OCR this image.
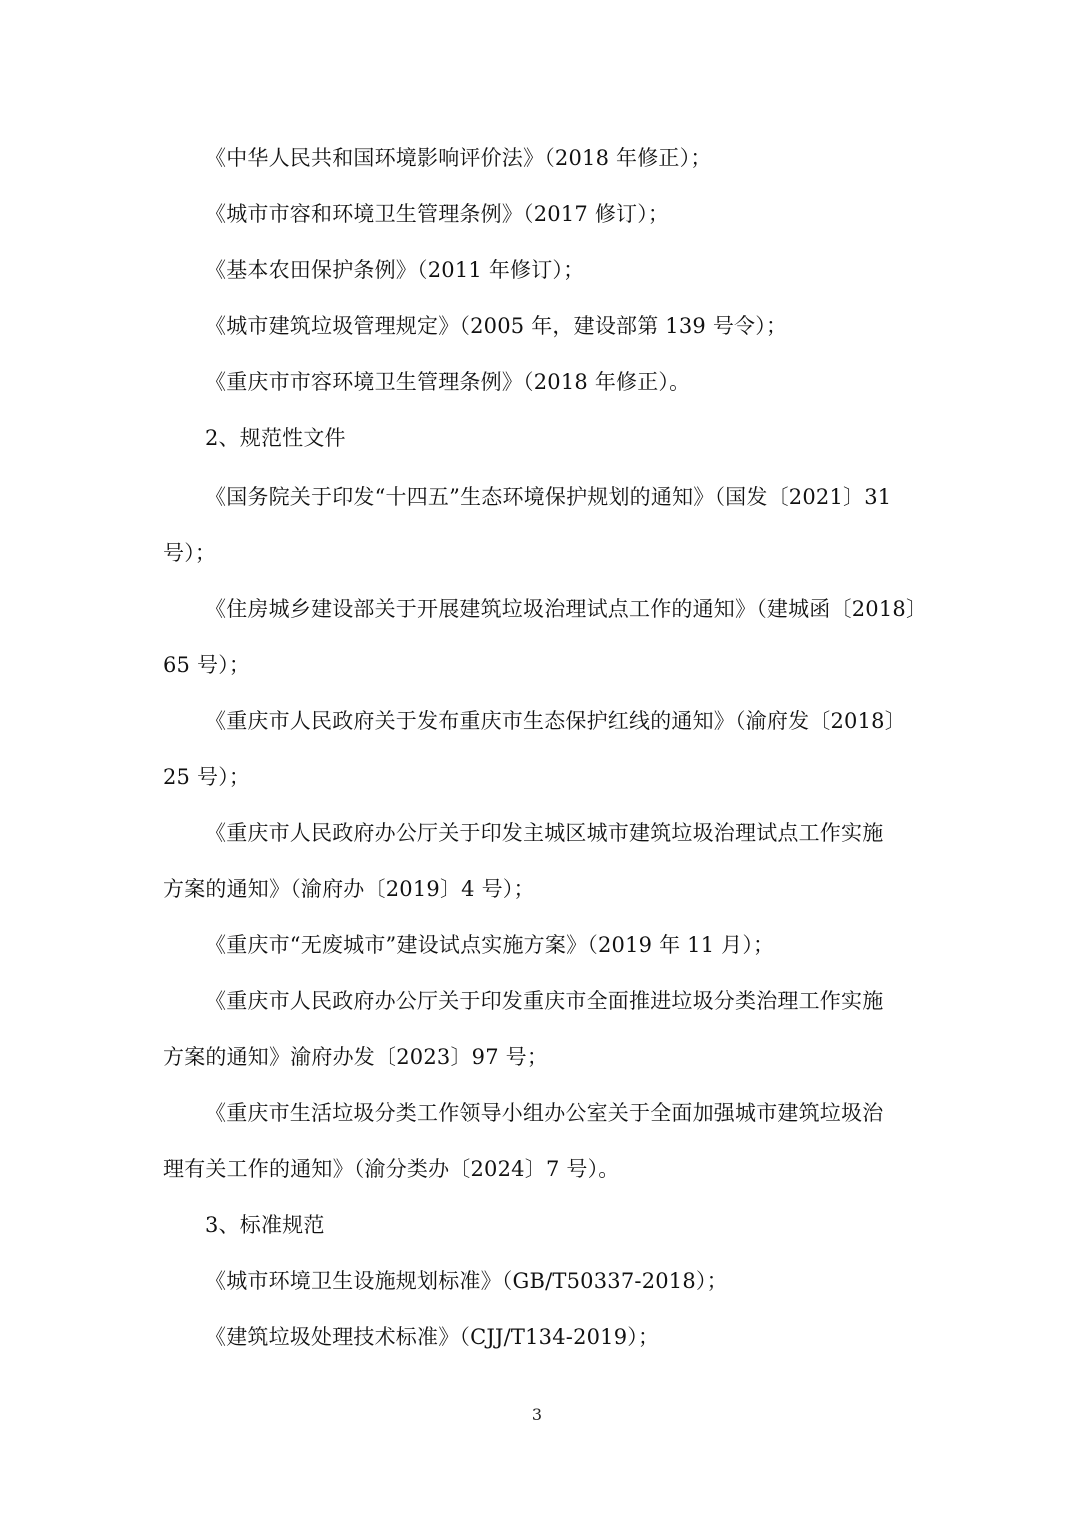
《中华人民共和国环境影响评价法》（2018 年修正）；
《城市市容和环境卫生管理条例》（2017 修订）；
《基本农田保护条例》（2011 年修订）；
《城市建筑垃圾管理规定》（2005 年，建设部第 139 号令）；
《重庆市市容环境卫生管理条例》（2018 年修正）。
2、规范性文件
《国务院关于印发“十四五”生态环境保护规划的通知》（国发〔2021〕31
号）；
《住房城乡建设部关于开展建筑垃圾治理试点工作的通知》（建城函〔2018〕
65 号）；
《重庆市人民政府关于发布重庆市生态保护红线的通知》（渝府发〔2018〕
25 号）；
《重庆市人民政府办公厅关于印发主城区城市建筑垃圾治理试点工作实施
方案的通知》（渝府办〔2019〕4 号）；
《重庆市“无废城市”建设试点实施方案》（2019 年 11 月）；
《重庆市人民政府办公厅关于印发重庆市全面推进垃圾分类治理工作实施
方案的通知》渝府办发〔2023〕97 号；
《重庆市生活垃圾分类工作领导小组办公室关于全面加强城市建筑垃圾治
理有关工作的通知》（渝分类办〔2024〕7 号）。
3、标准规范
《城市环境卫生设施规划标准》（GB/T50337-2018）；
《建筑垃圾处理技术标准》（CJJ/T134-2019）；
3
